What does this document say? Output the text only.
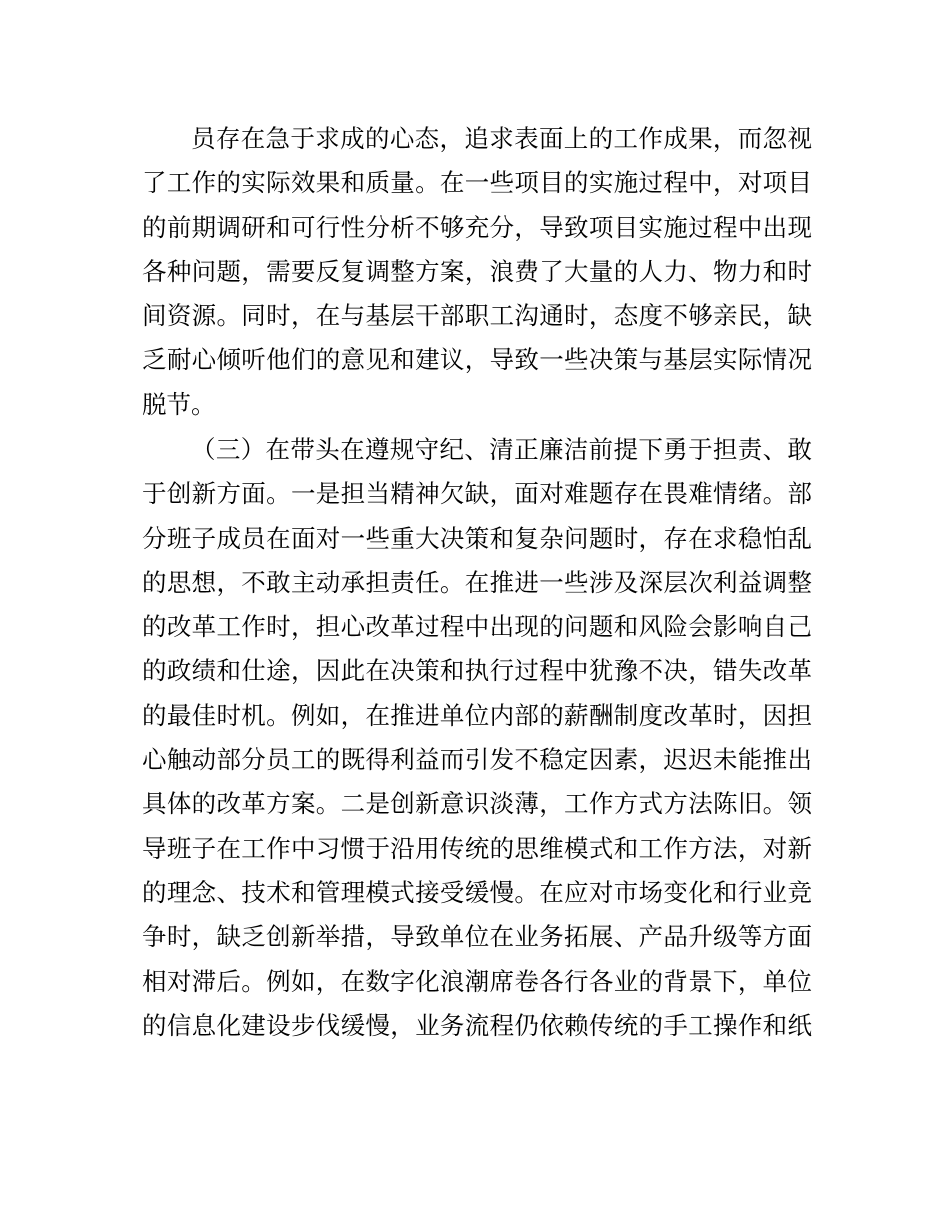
员存在急于求成的心态，追求表面上的工作成果，而忽视
了工作的实际效果和质量。在一些项目的实施过程中，对项目
的前期调研和可行性分析不够充分，导致项目实施过程中出现
各种问题，需要反复调整方案，浪费了大量的人力、物力和时
间资源。同时，在与基层干部职工沟通时，态度不够亲民，缺
乏耐心倾听他们的意见和建议，导致一些决策与基层实际情况
脱节。
（三）在带头在遵规守纪、清正廉洁前提下勇于担责、敢
于创新方面。一是担当精神欠缺，面对难题存在畏难情绪。部
分班子成员在面对一些重大决策和复杂问题时，存在求稳怕乱
的思想，不敢主动承担责任。在推进一些涉及深层次利益调整
的改革工作时，担心改革过程中出现的问题和风险会影响自己
的政绩和仕途，因此在决策和执行过程中犹豫不决，错失改革
的最佳时机。例如，在推进单位内部的薪酬制度改革时，因担
心触动部分员工的既得利益而引发不稳定因素，迟迟未能推出
具体的改革方案。二是创新意识淡薄，工作方式方法陈旧。领
导班子在工作中习惯于沿用传统的思维模式和工作方法，对新
的理念、技术和管理模式接受缓慢。在应对市场变化和行业竞
争时，缺乏创新举措，导致单位在业务拓展、产品升级等方面
相对滞后。例如，在数字化浪潮席卷各行各业的背景下，单位
的信息化建设步伐缓慢，业务流程仍依赖传统的手工操作和纸
